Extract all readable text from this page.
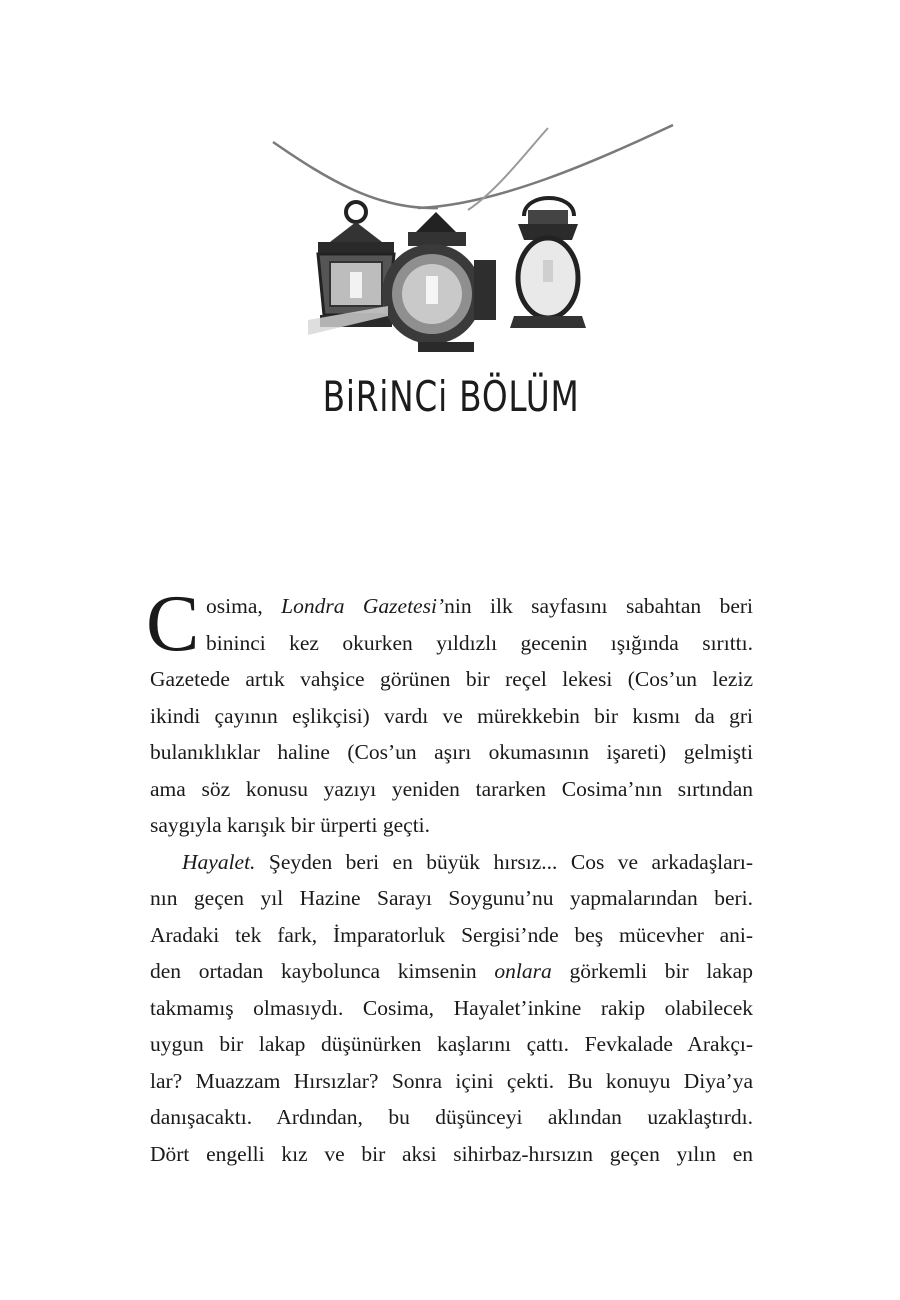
BiRiNCi BÖLÜM
C osima, Londra Gazetesi’nin ilk sayfasını sabahtan beri
bininci kez okurken yıldızlı gecenin ışığında sırıttı.
Gazetede artık vahşice görünen bir reçel lekesi (Cos’un leziz
ikindi çayının eşlikçisi) vardı ve mürekkebin bir kısmı da gri
bulanıklıklar haline (Cos’un aşırı okumasının işareti) gelmişti
ama söz konusu yazıyı yeniden tararken Cosima’nın sırtından
saygıyla karışık bir ürperti geçti.
Hayalet. Şeyden beri en büyük hırsız... Cos ve arkadaşları-
nın geçen yıl Hazine Sarayı Soygunu’nu yapmalarından beri.
Aradaki tek fark, İmparatorluk Sergisi’nde beş mücevher ani-
den ortadan kaybolunca kimsenin onlara görkemli bir lakap
takmamış olmasıydı. Cosima, Hayalet’inkine rakip olabilecek
uygun bir lakap düşünürken kaşlarını çattı. Fevkalade Arakçı-
lar? Muazzam Hırsızlar? Sonra içini çekti. Bu konuyu Diya’ya
danışacaktı. Ardından, bu düşünceyi aklından uzaklaştırdı.
Dört engelli kız ve bir aksi sihirbaz-hırsızın geçen yılın en
